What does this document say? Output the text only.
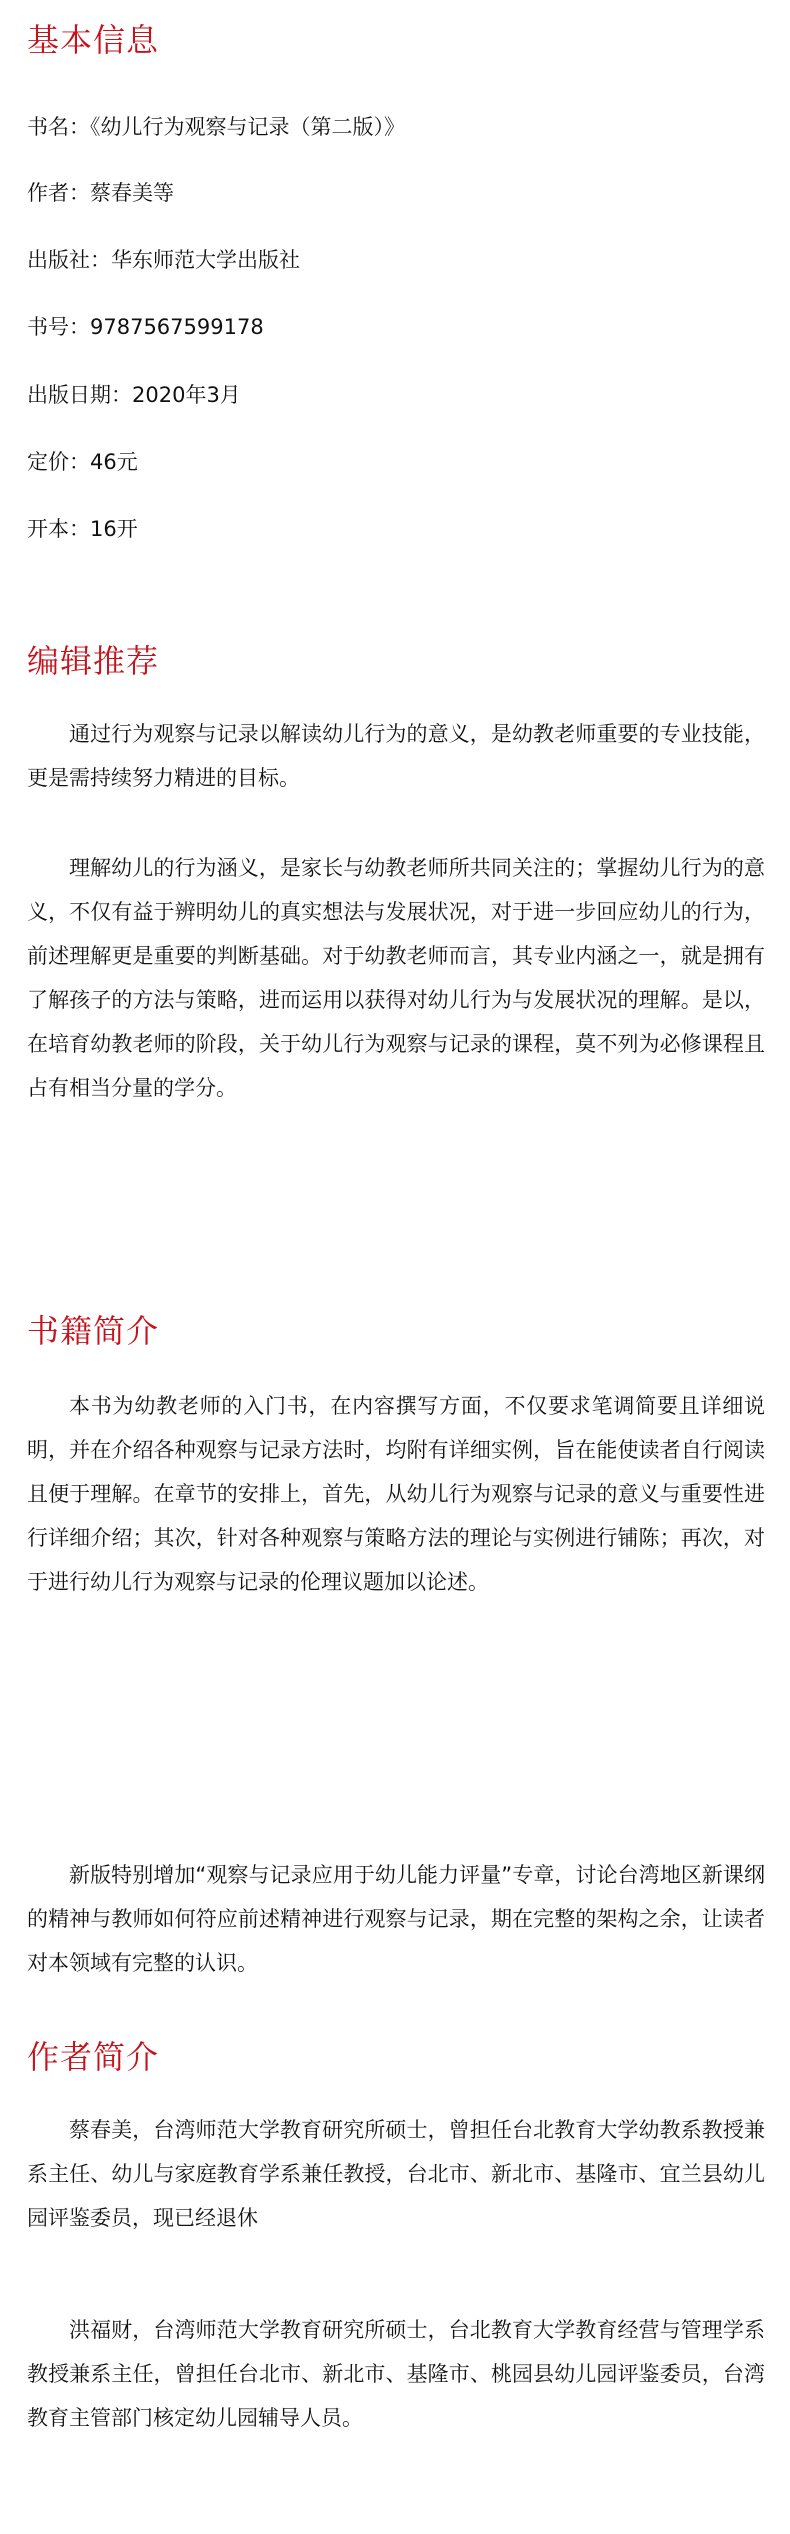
基本信息

书名：《幼儿行为观察与记录（第二版）》

作者：蔡春美等

出版社：华东师范大学出版社

书号：9787567599178

出版日期：2020年3月

定价：46元

开本：16开

编辑推荐

通过行为观察与记录以解读幼儿行为的意义，是幼教老师重要的专业技能，更是需持续努力精进的目标。

理解幼儿的行为涵义，是家长与幼教老师所共同关注的；掌握幼儿行为的意义，不仅有益于辨明幼儿的真实想法与发展状况，对于进一步回应幼儿的行为，前述理解更是重要的判断基础。对于幼教老师而言，其专业内涵之一，就是拥有了解孩子的方法与策略，进而运用以获得对幼儿行为与发展状况的理解。是以，在培育幼教老师的阶段，关于幼儿行为观察与记录的课程，莫不列为必修课程且占有相当分量的学分。

书籍简介

本书为幼教老师的入门书，在内容撰写方面，不仅要求笔调简要且详细说明，并在介绍各种观察与记录方法时，均附有详细实例，旨在能使读者自行阅读且便于理解。在章节的安排上，首先，从幼儿行为观察与记录的意义与重要性进行详细介绍；其次，针对各种观察与策略方法的理论与实例进行铺陈；再次，对于进行幼儿行为观察与记录的伦理议题加以论述。

新版特别增加“观察与记录应用于幼儿能力评量”专章，讨论台湾地区新课纲的精神与教师如何符应前述精神进行观察与记录，期在完整的架构之余，让读者对本领域有完整的认识。

作者简介

蔡春美，台湾师范大学教育研究所硕士，曾担任台北教育大学幼教系教授兼系主任、幼儿与家庭教育学系兼任教授，台北市、新北市、基隆市、宜兰县幼儿园评鉴委员，现已经退休

洪福财，台湾师范大学教育研究所硕士，台北教育大学教育经营与管理学系教授兼系主任，曾担任台北市、新北市、基隆市、桃园县幼儿园评鉴委员，台湾教育主管部门核定幼儿园辅导人员。
